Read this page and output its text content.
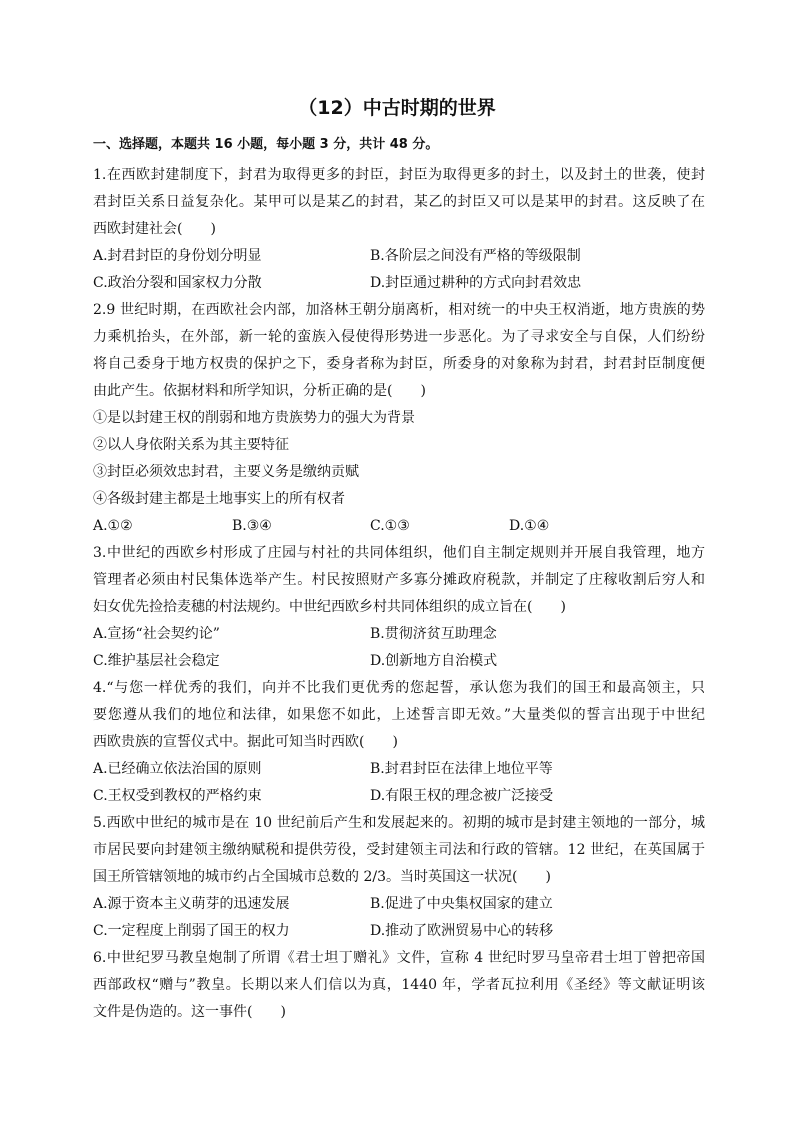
（12）中古时期的世界
一、选择题，本题共 16 小题，每小题 3 分，共计 48 分。
1.在西欧封建制度下，封君为取得更多的封臣，封臣为取得更多的封土，以及封土的世袭，使封
君封臣关系日益复杂化。某甲可以是某乙的封君，某乙的封臣又可以是某甲的封君。这反映了在
西欧封建社会(　　)
A.封君封臣的身份划分明显	B.各阶层之间没有严格的等级限制
C.政治分裂和国家权力分散	D.封臣通过耕种的方式向封君效忠
2.9 世纪时期，在西欧社会内部，加洛林王朝分崩离析，相对统一的中央王权消逝，地方贵族的势
力乘机抬头，在外部，新一轮的蛮族入侵使得形势进一步恶化。为了寻求安全与自保，人们纷纷
将自己委身于地方权贵的保护之下，委身者称为封臣，所委身的对象称为封君，封君封臣制度便
由此产生。依据材料和所学知识，分析正确的是(　　)
①是以封建王权的削弱和地方贵族势力的强大为背景
②以人身依附关系为其主要特征
③封臣必须效忠封君，主要义务是缴纳贡赋
④各级封建主都是土地事实上的所有权者
A.①②	B.③④	C.①③	D.①④
3.中世纪的西欧乡村形成了庄园与村社的共同体组织，他们自主制定规则并开展自我管理，地方
管理者必须由村民集体选举产生。村民按照财产多寡分摊政府税款，并制定了庄稼收割后穷人和
妇女优先捡拾麦穗的村法规约。中世纪西欧乡村共同体组织的成立旨在(　　)
A.宣扬“社会契约论”	B.贯彻济贫互助理念
C.维护基层社会稳定	D.创新地方自治模式
4.“与您一样优秀的我们，向并不比我们更优秀的您起誓，承认您为我们的国王和最高领主，只
要您遵从我们的地位和法律，如果您不如此，上述誓言即无效。”大量类似的誓言出现于中世纪
西欧贵族的宣誓仪式中。据此可知当时西欧(　　)
A.已经确立依法治国的原则	B.封君封臣在法律上地位平等
C.王权受到教权的严格约束	D.有限王权的理念被广泛接受
5.西欧中世纪的城市是在 10 世纪前后产生和发展起来的。初期的城市是封建主领地的一部分，城
市居民要向封建领主缴纳赋税和提供劳役，受封建领主司法和行政的管辖。12 世纪，在英国属于
国王所管辖领地的城市约占全国城市总数的 2/3。当时英国这一状况(　　)
A.源于资本主义萌芽的迅速发展	B.促进了中央集权国家的建立
C.一定程度上削弱了国王的权力	D.推动了欧洲贸易中心的转移
6.中世纪罗马教皇炮制了所谓《君士坦丁赠礼》文件，宣称 4 世纪时罗马皇帝君士坦丁曾把帝国
西部政权“赠与”教皇。长期以来人们信以为真，1440 年，学者瓦拉利用《圣经》等文献证明该
文件是伪造的。这一事件(　　)
